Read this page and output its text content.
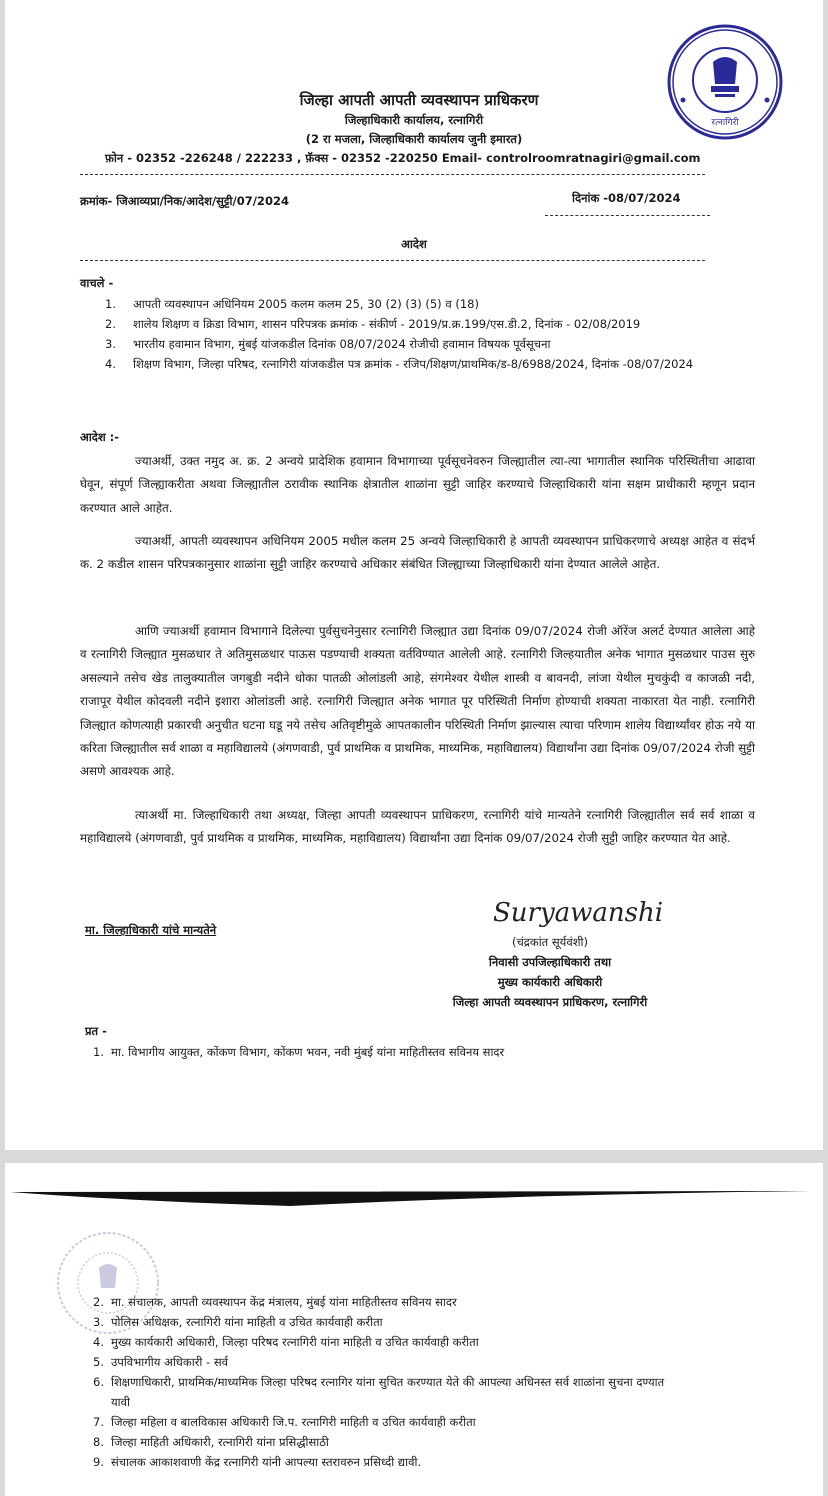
रत्नागिरी
जिल्हा आपती आपती व्यवस्थापन प्राधिकरण
जिल्हाधिकारी कार्यालय, रत्नागिरी
(2 रा मजला, जिल्हाधिकारी कार्यालय जुनी इमारत)
फ़ोन - 02352 -226248 / 222233 , फ़ॅक्स - 02352 -220250 Email- controlroomratnagiri@gmail.com
क्रमांक- जिआव्यप्रा/निक/आदेश/सुट्टी/07/2024	दिनांक -08/07/2024
आदेश
वाचले -
1.	आपती व्यवस्थापन अधिनियम 2005 कलम कलम 25, 30 (2) (3) (5) व (18)
2.	शालेय शिक्षण व क्रिडा विभाग, शासन परिपत्रक क्रमांक - संकीर्ण - 2019/प्र.क्र.199/एस.डी.2, दिनांक - 02/08/2019
3.	भारतीय हवामान विभाग, मुंबई यांजकडील दिनांक 08/07/2024 रोजीची हवामान विषयक पूर्वसूचना
4.	शिक्षण विभाग, जिल्हा परिषद, रत्नागिरी यांजकडील पत्र क्रमांक - रजिप/शिक्षण/प्राथमिक/ड-8/6988/2024, दिनांक -08/07/2024
आदेश :-
ज्याअर्थी, उक्त नमुद अ. क्र. 2 अन्वये प्रादेशिक हवामान विभागाच्या पूर्वसूचनेवरुन जिल्ह्यातील त्या-त्या भागातील स्थानिक परिस्थितीचा आढावा घेवून, संपूर्ण जिल्ह्याकरीता अथवा जिल्ह्यातील ठरावीक स्थानिक क्षेत्रातील शाळांना सुट्टी जाहिर करण्याचे जिल्हाधिकारी यांना सक्षम प्राधीकारी म्हणून प्रदान करण्यात आले आहेत.
ज्याअर्थी, आपती व्यवस्थापन अधिनियम 2005 मधील कलम 25 अन्वये जिल्हाधिकारी हे आपती व्यवस्थापन प्राधिकरणाचे अध्यक्ष आहेत व संदर्भ क. 2 कडील शासन परिपत्रकानुसार शाळांना सुट्टी जाहिर करण्याचे अधिकार संबंधित जिल्ह्याच्या जिल्हाधिकारी यांना देण्यात आलेले आहेत.
आणि ज्याअर्थी हवामान विभागाने दिलेल्या पुर्वसुचनेनुसार रत्नागिरी जिल्ह्यात उद्या दिनांक 09/07/2024 रोजी ऑरेंज अलर्ट देण्यात आलेला आहे व रत्नागिरी जिल्ह्यात मुसळधार ते अतिमुसळधार पाऊस पडण्याची शक्यता वर्तविण्यात आलेली आहे. रत्नागिरी जिल्हयातील अनेक भागात मुसळधार पाउस सुरु असल्याने तसेच खेड तालुक्यातील जगबुडी नदीने धोका पातळी ओलांडली आहे, संगमेश्वर येथील शास्त्री व बावनदी, लांजा येथील मुचकुंदी व काजळी नदी, राजापूर येथील कोदवली नदीने इशारा ओलांडली आहे. रत्नागिरी जिल्ह्यात अनेक भागात पूर परिस्थिती निर्माण होण्याची शक्यता नाकारता येत नाही. रत्नागिरी जिल्ह्यात कोणत्याही प्रकारची अनुचीत घटना घडू नये तसेच अतिवृष्टीमुळे आपतकालीन परिस्थिती निर्माण झाल्यास त्याचा परिणाम शालेय विद्यार्थ्यांवर होऊ नये या करिता जिल्ह्यातील सर्व शाळा व महाविद्यालये (अंगणवाडी, पुर्व प्राथमिक व प्राथमिक, माध्यमिक, महाविद्यालय) विद्यार्थांना उद्या दिनांक 09/07/2024 रोजी सुट्टी असणे आवश्यक आहे.
त्याअर्थी मा. जिल्हाधिकारी तथा अध्यक्ष, जिल्हा आपती व्यवस्थापन प्राधिकरण, रत्नागिरी यांचे मान्यतेने रत्नागिरी जिल्ह्यातील सर्व सर्व शाळा व महाविद्यालये (अंगणवाडी, पुर्व प्राथमिक व प्राथमिक, माध्यमिक, महाविद्यालय) विद्यार्थांना उद्या दिनांक 09/07/2024 रोजी सुट्टी जाहिर करण्यात येत आहे.
मा. जिल्हाधिकारी यांचे मान्यतेने
Suryawanshi
(चंद्रकांत सूर्यवंशी)
निवासी उपजिल्हाधिकारी तथा
मुख्य कार्यकारी अधिकारी
जिल्हा आपती व्यवस्थापन प्राधिकरण, रत्नागिरी
प्रत -
1. मा. विभागीय आयुक्त, कोंकण विभाग, कोंकण भवन, नवी मुंबई यांना माहितीस्तव सविनय सादर
2. मा. संचालक, आपती व्यवस्थापन केंद्र मंत्रालय, मुंबई यांना माहितीस्तव सविनय सादर
3. पोलिस अधिक्षक, रत्नागिरी यांना माहिती व उचित कार्यवाही करीता
4. मुख्य कार्यकारी अधिकारी, जिल्हा परिषद रत्नागिरी यांना माहिती व उचित कार्यवाही करीता
5. उपविभागीय अधिकारी - सर्व
6. शिक्षणाधिकारी, प्राथमिक/माध्यमिक जिल्हा परिषद रत्नागिर यांना सुचित करण्यात येते की आपल्या अधिनस्त सर्व शाळांना सुचना दण्यात यावी
7. जिल्हा महिला व बालविकास अधिकारी जि.प. रत्नागिरी माहिती व उचित कार्यवाही करीता
8. जिल्हा माहिती अधिकारी, रत्नागिरी यांना प्रसिद्धीसाठी
9. संचालक आकाशवाणी केंद्र रत्नागिरी यांनी आपल्या स्तरावरुन प्रसिध्दी द्यावी.
